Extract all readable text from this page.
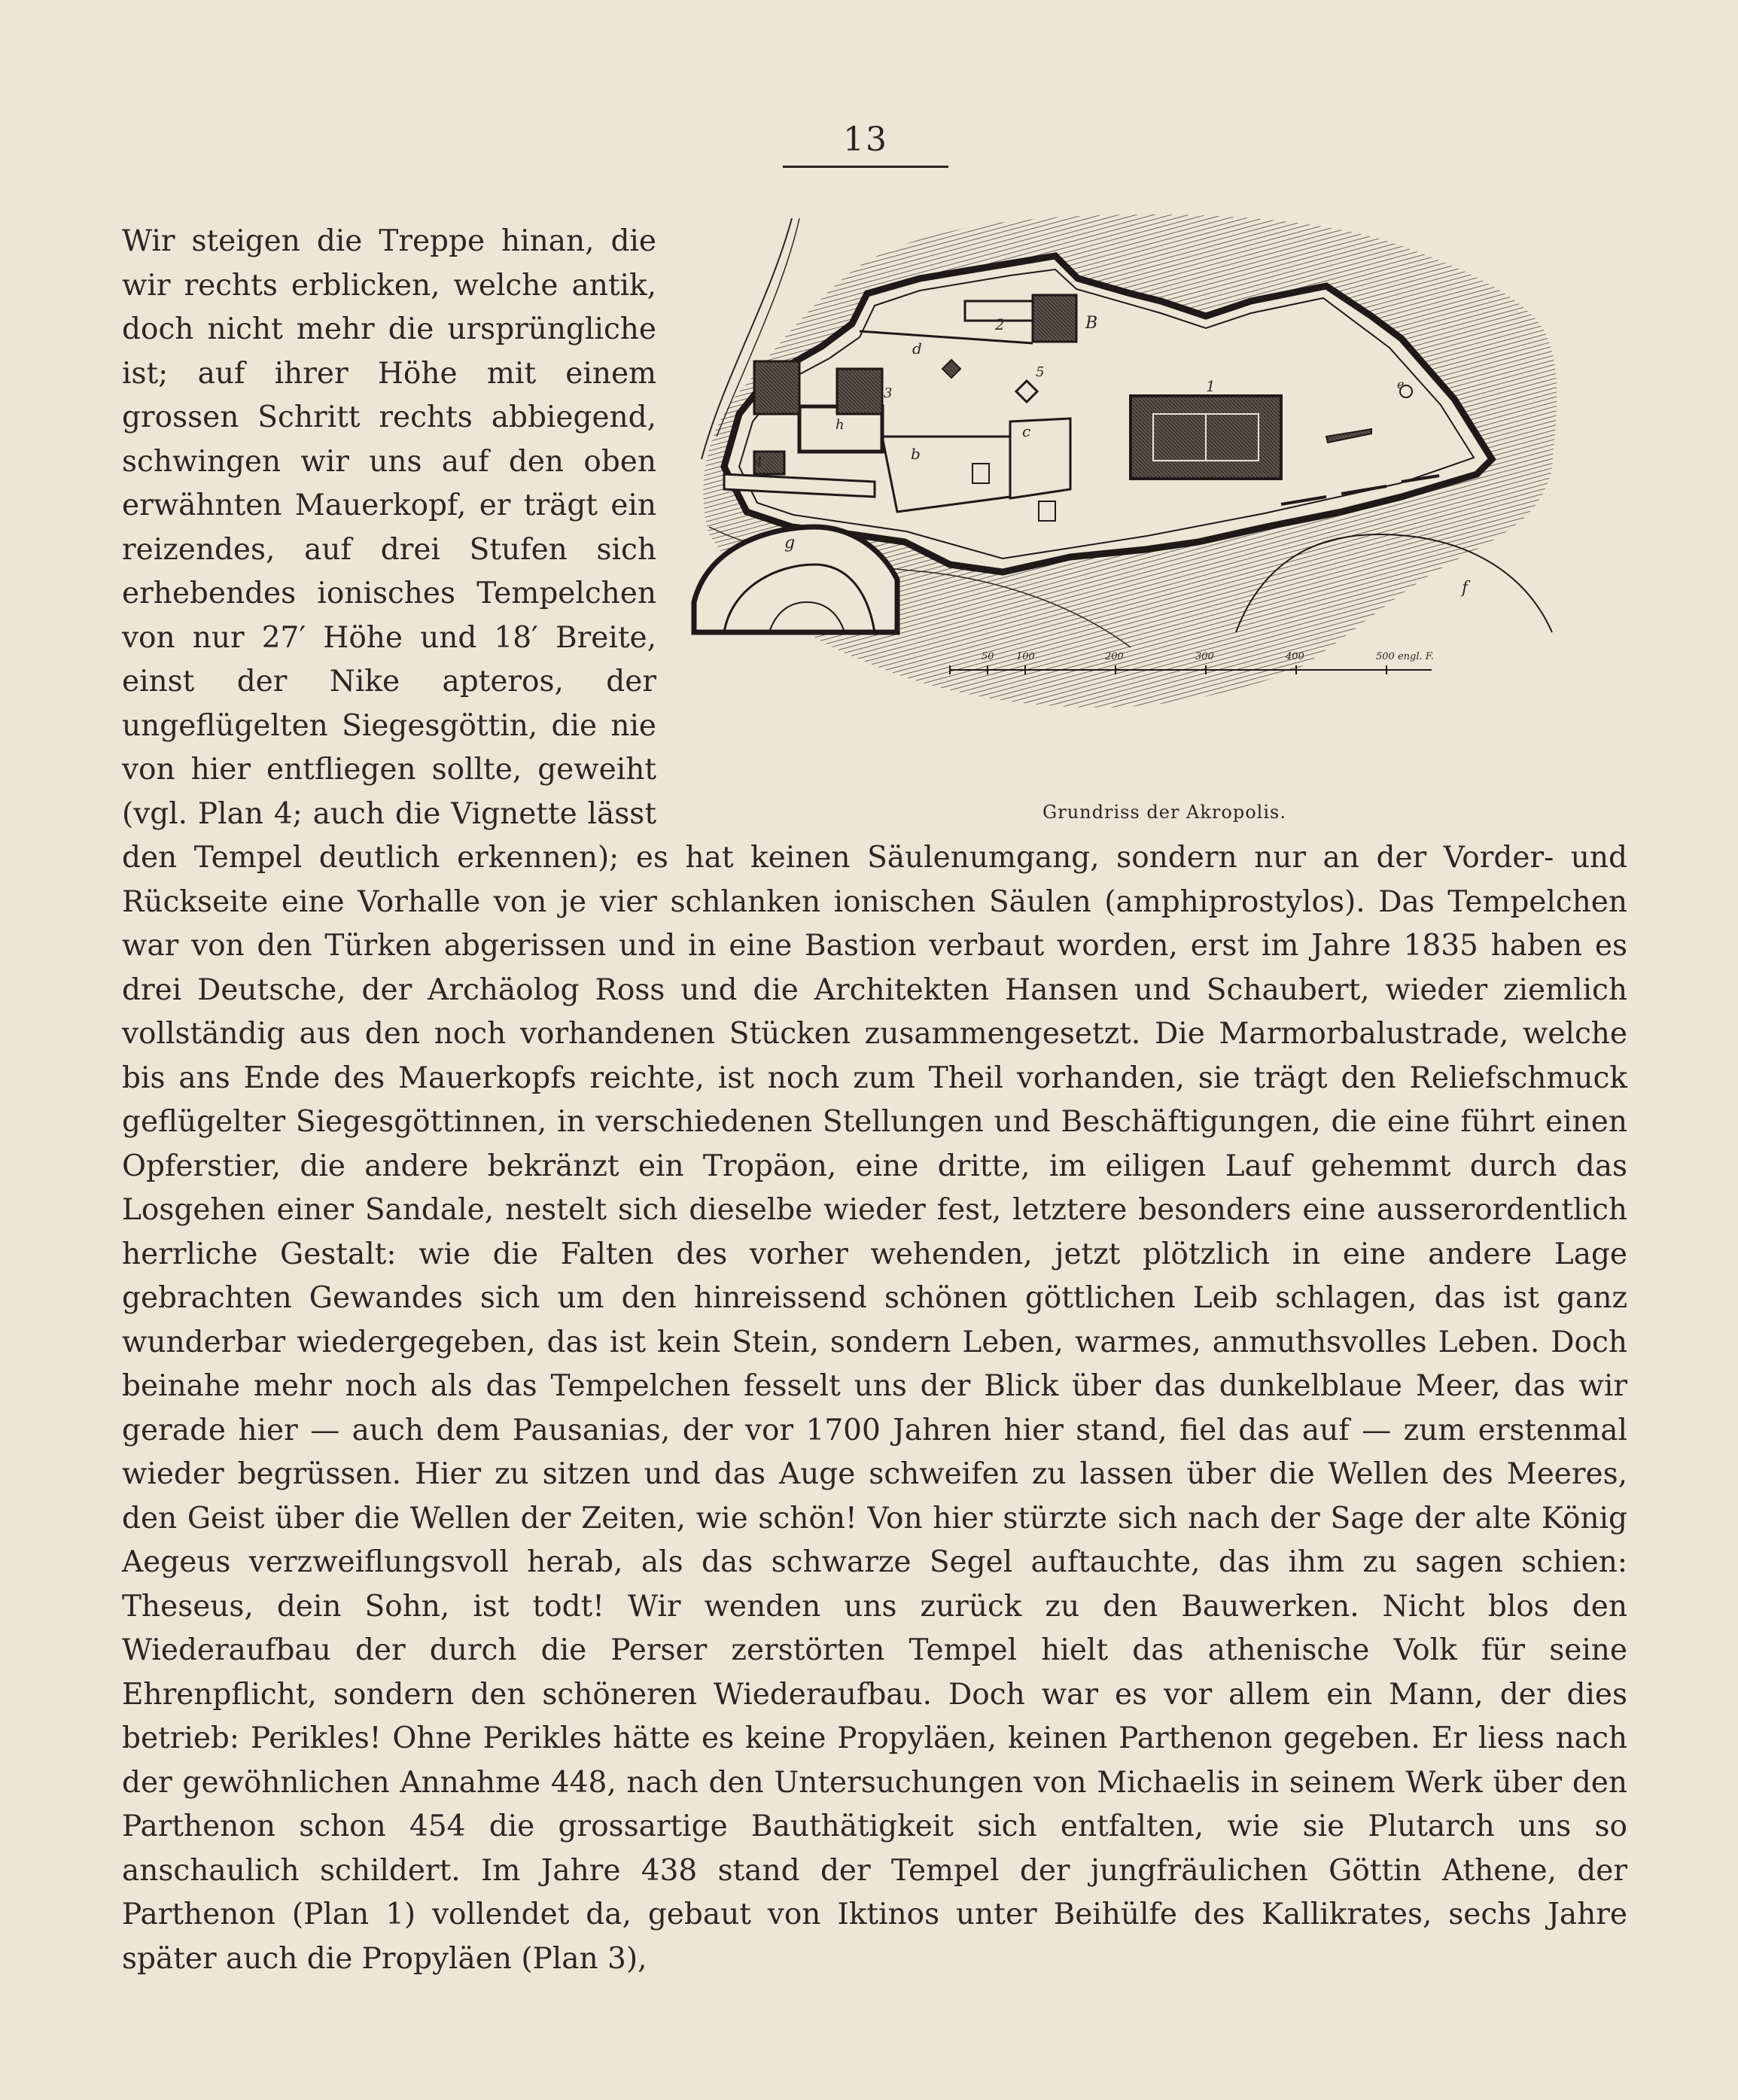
13
50 100	200	300	400	500 engl. F.
1
2
3
4
5
B
b
c
d
e
f
g
h
Grundriss der Akropolis.

Wir steigen die Treppe hinan, die wir rechts erblicken, welche antik, doch nicht mehr die ursprüngliche ist; auf ihrer Höhe mit einem grossen Schritt rechts abbiegend, schwingen wir uns auf den oben erwähnten Mauerkopf, er trägt ein reizendes, auf drei Stufen sich erhebendes ionisches Tempelchen von nur 27′ Höhe und 18′ Breite, einst der Nike apteros, der ungeflügelten Siegesgöttin, die nie von hier entfliegen sollte, geweiht (vgl. Plan 4; auch die Vignette lässt den Tempel deutlich erkennen); es hat keinen Säulenumgang, sondern nur an der Vorder- und Rückseite eine Vorhalle von je vier schlanken ionischen Säulen (amphiprostylos). Das Tempelchen war von den Türken abgerissen und in eine Bastion verbaut worden, erst im Jahre 1835 haben es drei Deutsche, der Archäolog Ross und die Architekten Hansen und Schaubert, wieder ziemlich vollständig aus den noch vorhandenen Stücken zusammengesetzt. Die Marmorbalustrade, welche bis ans Ende des Mauerkopfs reichte, ist noch zum Theil vorhanden, sie trägt den Reliefschmuck geflügelter Siegesgöttinnen, in verschiedenen Stellungen und Beschäftigungen, die eine führt einen Opferstier, die andere bekränzt ein Tropäon, eine dritte, im eiligen Lauf gehemmt durch das Losgehen einer Sandale, nestelt sich dieselbe wieder fest, letztere besonders eine ausserordentlich herrliche Gestalt: wie die Falten des vorher wehenden, jetzt plötzlich in eine andere Lage gebrachten Gewandes sich um den hinreissend schönen göttlichen Leib schlagen, das ist ganz wunderbar wiedergegeben, das ist kein Stein, sondern Leben, warmes, anmuthsvolles Leben. Doch beinahe mehr noch als das Tempelchen fesselt uns der Blick über das dunkelblaue Meer, das wir gerade hier — auch dem Pausanias, der vor 1700 Jahren hier stand, fiel das auf — zum erstenmal wieder begrüssen. Hier zu sitzen und das Auge schweifen zu lassen über die Wellen des Meeres, den Geist über die Wellen der Zeiten, wie schön! Von hier stürzte sich nach der Sage der alte König Aegeus verzweiflungsvoll herab, als das schwarze Segel auftauchte, das ihm zu sagen schien: Theseus, dein Sohn, ist todt! Wir wenden uns zurück zu den Bauwerken. Nicht blos den Wiederaufbau der durch die Perser zerstörten Tempel hielt das athenische Volk für seine Ehrenpflicht, sondern den schöneren Wiederaufbau. Doch war es vor allem ein Mann, der dies betrieb: Perikles! Ohne Perikles hätte es keine Propyläen, keinen Parthenon gegeben. Er liess nach der gewöhnlichen Annahme 448, nach den Untersuchungen von Michaelis in seinem Werk über den Parthenon schon 454 die grossartige Bauthätigkeit sich entfalten, wie sie Plutarch uns so anschaulich schildert. Im Jahre 438 stand der Tempel der jungfräulichen Göttin Athene, der Parthenon (Plan 1) vollendet da, gebaut von Iktinos unter Beihülfe des Kallikrates, sechs Jahre später auch die Propyläen (Plan 3),
